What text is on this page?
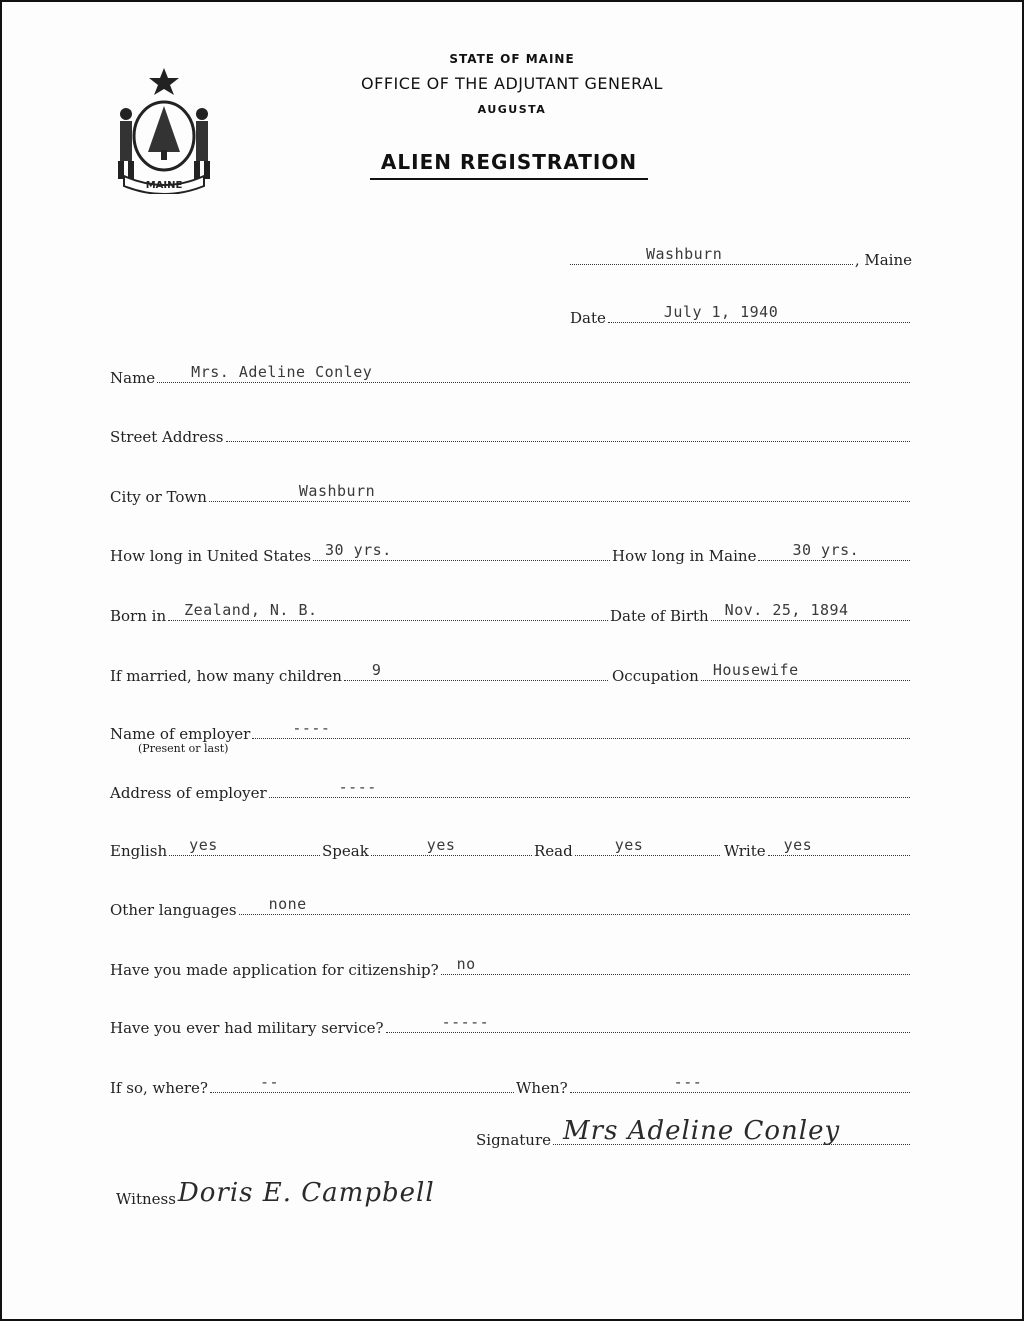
MAINE
STATE OF MAINE
OFFICE OF THE ADJUTANT GENERAL
AUGUSTA
ALIEN REGISTRATION
Washburn	, Maine
Date	July 1, 1940
Name Mrs. Adeline Conley
Street Address
City or Town	Washburn
How long in United States 30 yrs.	How long in Maine 30 yrs.
Born in Zealand, N. B.	Date of Birth Nov. 25, 1894
If married, how many children 9	Occupation Housewife
Name of employer	----
(Present or last)
Address of employer	----
English yes	Speak	yes	Read	yes	Write yes
Other languages none
Have you made application for citizenship? no
Have you ever had military service?	-----
If so, where?	--	When?	---
Signature Mrs Adeline Conley
Witness Doris E. Campbell
